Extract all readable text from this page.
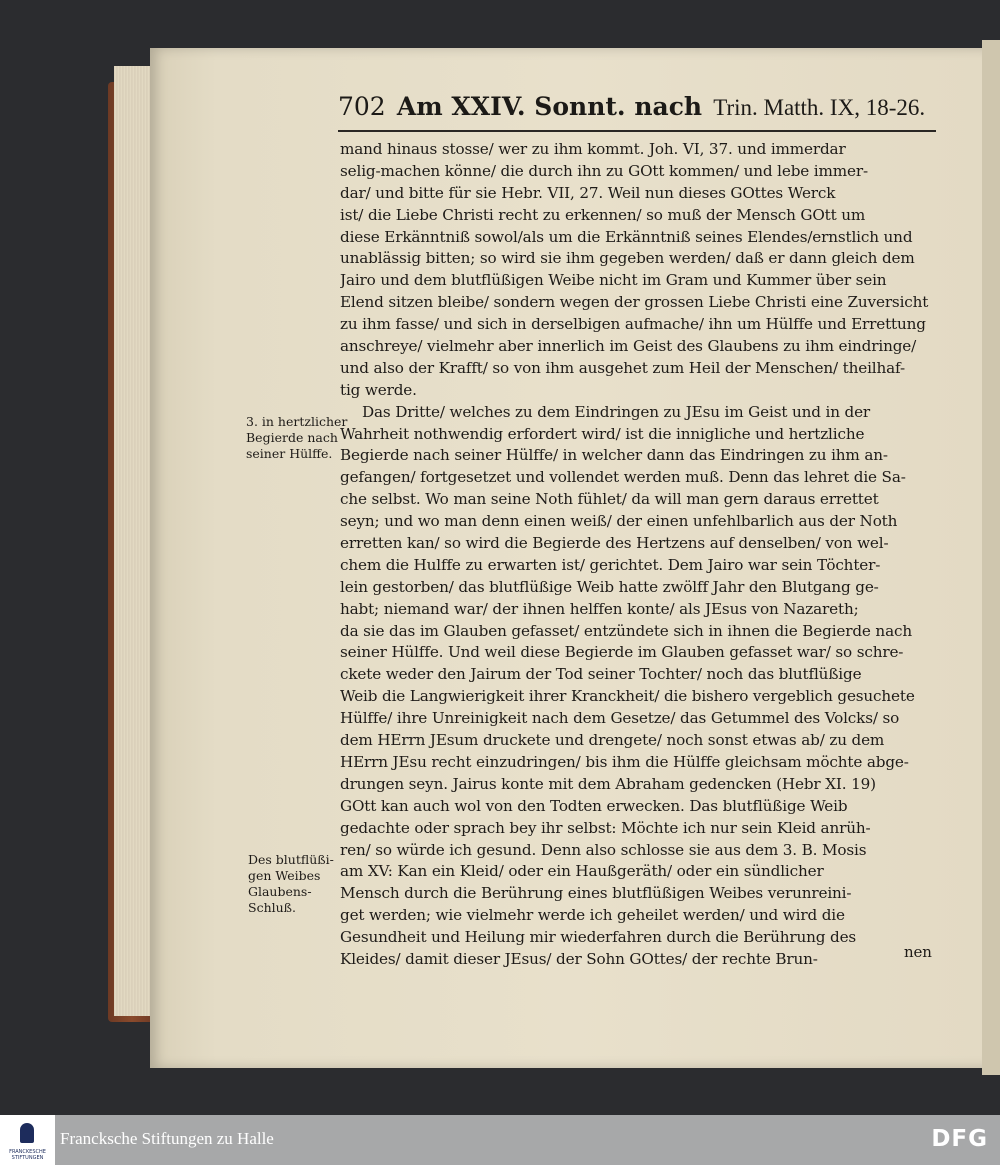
702 Am XXIV. Sonnt. nach Trin. Matth. IX, 18-26.
mand hinaus stosse/ wer zu ihm kommt. Joh. VI, 37. und immerdar
selig-machen könne/ die durch ihn zu GOtt kommen/ und lebe immer-
dar/ und bitte für sie Hebr. VII, 27. Weil nun dieses GOttes Werck
ist/ die Liebe Christi recht zu erkennen/ so muß der Mensch GOtt um
diese Erkänntniß sowol/als um die Erkänntniß seines Elendes/ernstlich und
unablässig bitten; so wird sie ihm gegeben werden/ daß er dann gleich dem
Jairo und dem blutflüßigen Weibe nicht im Gram und Kummer über sein
Elend sitzen bleibe/ sondern wegen der grossen Liebe Christi eine Zuversicht
zu ihm fasse/ und sich in derselbigen aufmache/ ihn um Hülffe und Errettung
anschreye/ vielmehr aber innerlich im Geist des Glaubens zu ihm eindringe/
und also der Krafft/ so von ihm ausgehet zum Heil der Menschen/ theilhaf-
tig werde.
Das Dritte/ welches zu dem Eindringen zu JEsu im Geist und in der
Wahrheit nothwendig erfordert wird/ ist die innigliche und hertzliche
Begierde nach seiner Hülffe/ in welcher dann das Eindringen zu ihm an-
gefangen/ fortgesetzet und vollendet werden muß. Denn das lehret die Sa-
che selbst. Wo man seine Noth fühlet/ da will man gern daraus errettet
seyn; und wo man denn einen weiß/ der einen unfehlbarlich aus der Noth
erretten kan/ so wird die Begierde des Hertzens auf denselben/ von wel-
chem die Hulffe zu erwarten ist/ gerichtet. Dem Jairo war sein Töchter-
lein gestorben/ das blutflüßige Weib hatte zwölff Jahr den Blutgang ge-
habt; niemand war/ der ihnen helffen konte/ als JEsus von Nazareth;
da sie das im Glauben gefasset/ entzündete sich in ihnen die Begierde nach
seiner Hülffe. Und weil diese Begierde im Glauben gefasset war/ so schre-
ckete weder den Jairum der Tod seiner Tochter/ noch das blutflüßige
Weib die Langwierigkeit ihrer Kranckheit/ die bishero vergeblich gesuchete
Hülffe/ ihre Unreinigkeit nach dem Gesetze/ das Getummel des Volcks/ so
dem HErrn JEsum druckete und drengete/ noch sonst etwas ab/ zu dem
HErrn JEsu recht einzudringen/ bis ihm die Hülffe gleichsam möchte abge-
drungen seyn. Jairus konte mit dem Abraham gedencken (Hebr XI. 19)
GOtt kan auch wol von den Todten erwecken. Das blutflüßige Weib
gedachte oder sprach bey ihr selbst: Möchte ich nur sein Kleid anrüh-
ren/ so würde ich gesund. Denn also schlosse sie aus dem 3. B. Mosis
am XV: Kan ein Kleid/ oder ein Haußgeräth/ oder ein sündlicher
Mensch durch die Berührung eines blutflüßigen Weibes verunreini-
get werden; wie vielmehr werde ich geheilet werden/ und wird die
Gesundheit und Heilung mir wiederfahren durch die Berührung des
Kleides/ damit dieser JEsus/ der Sohn GOttes/ der rechte Brun-
3. in hertzlicher
Begierde nach
seiner Hülffe.
Des blutflüßi-
gen Weibes
Glaubens-
Schluß.
nen
FRANCKESCHE
STIFTUNGEN
Francksche Stiftungen zu Halle	DFG
